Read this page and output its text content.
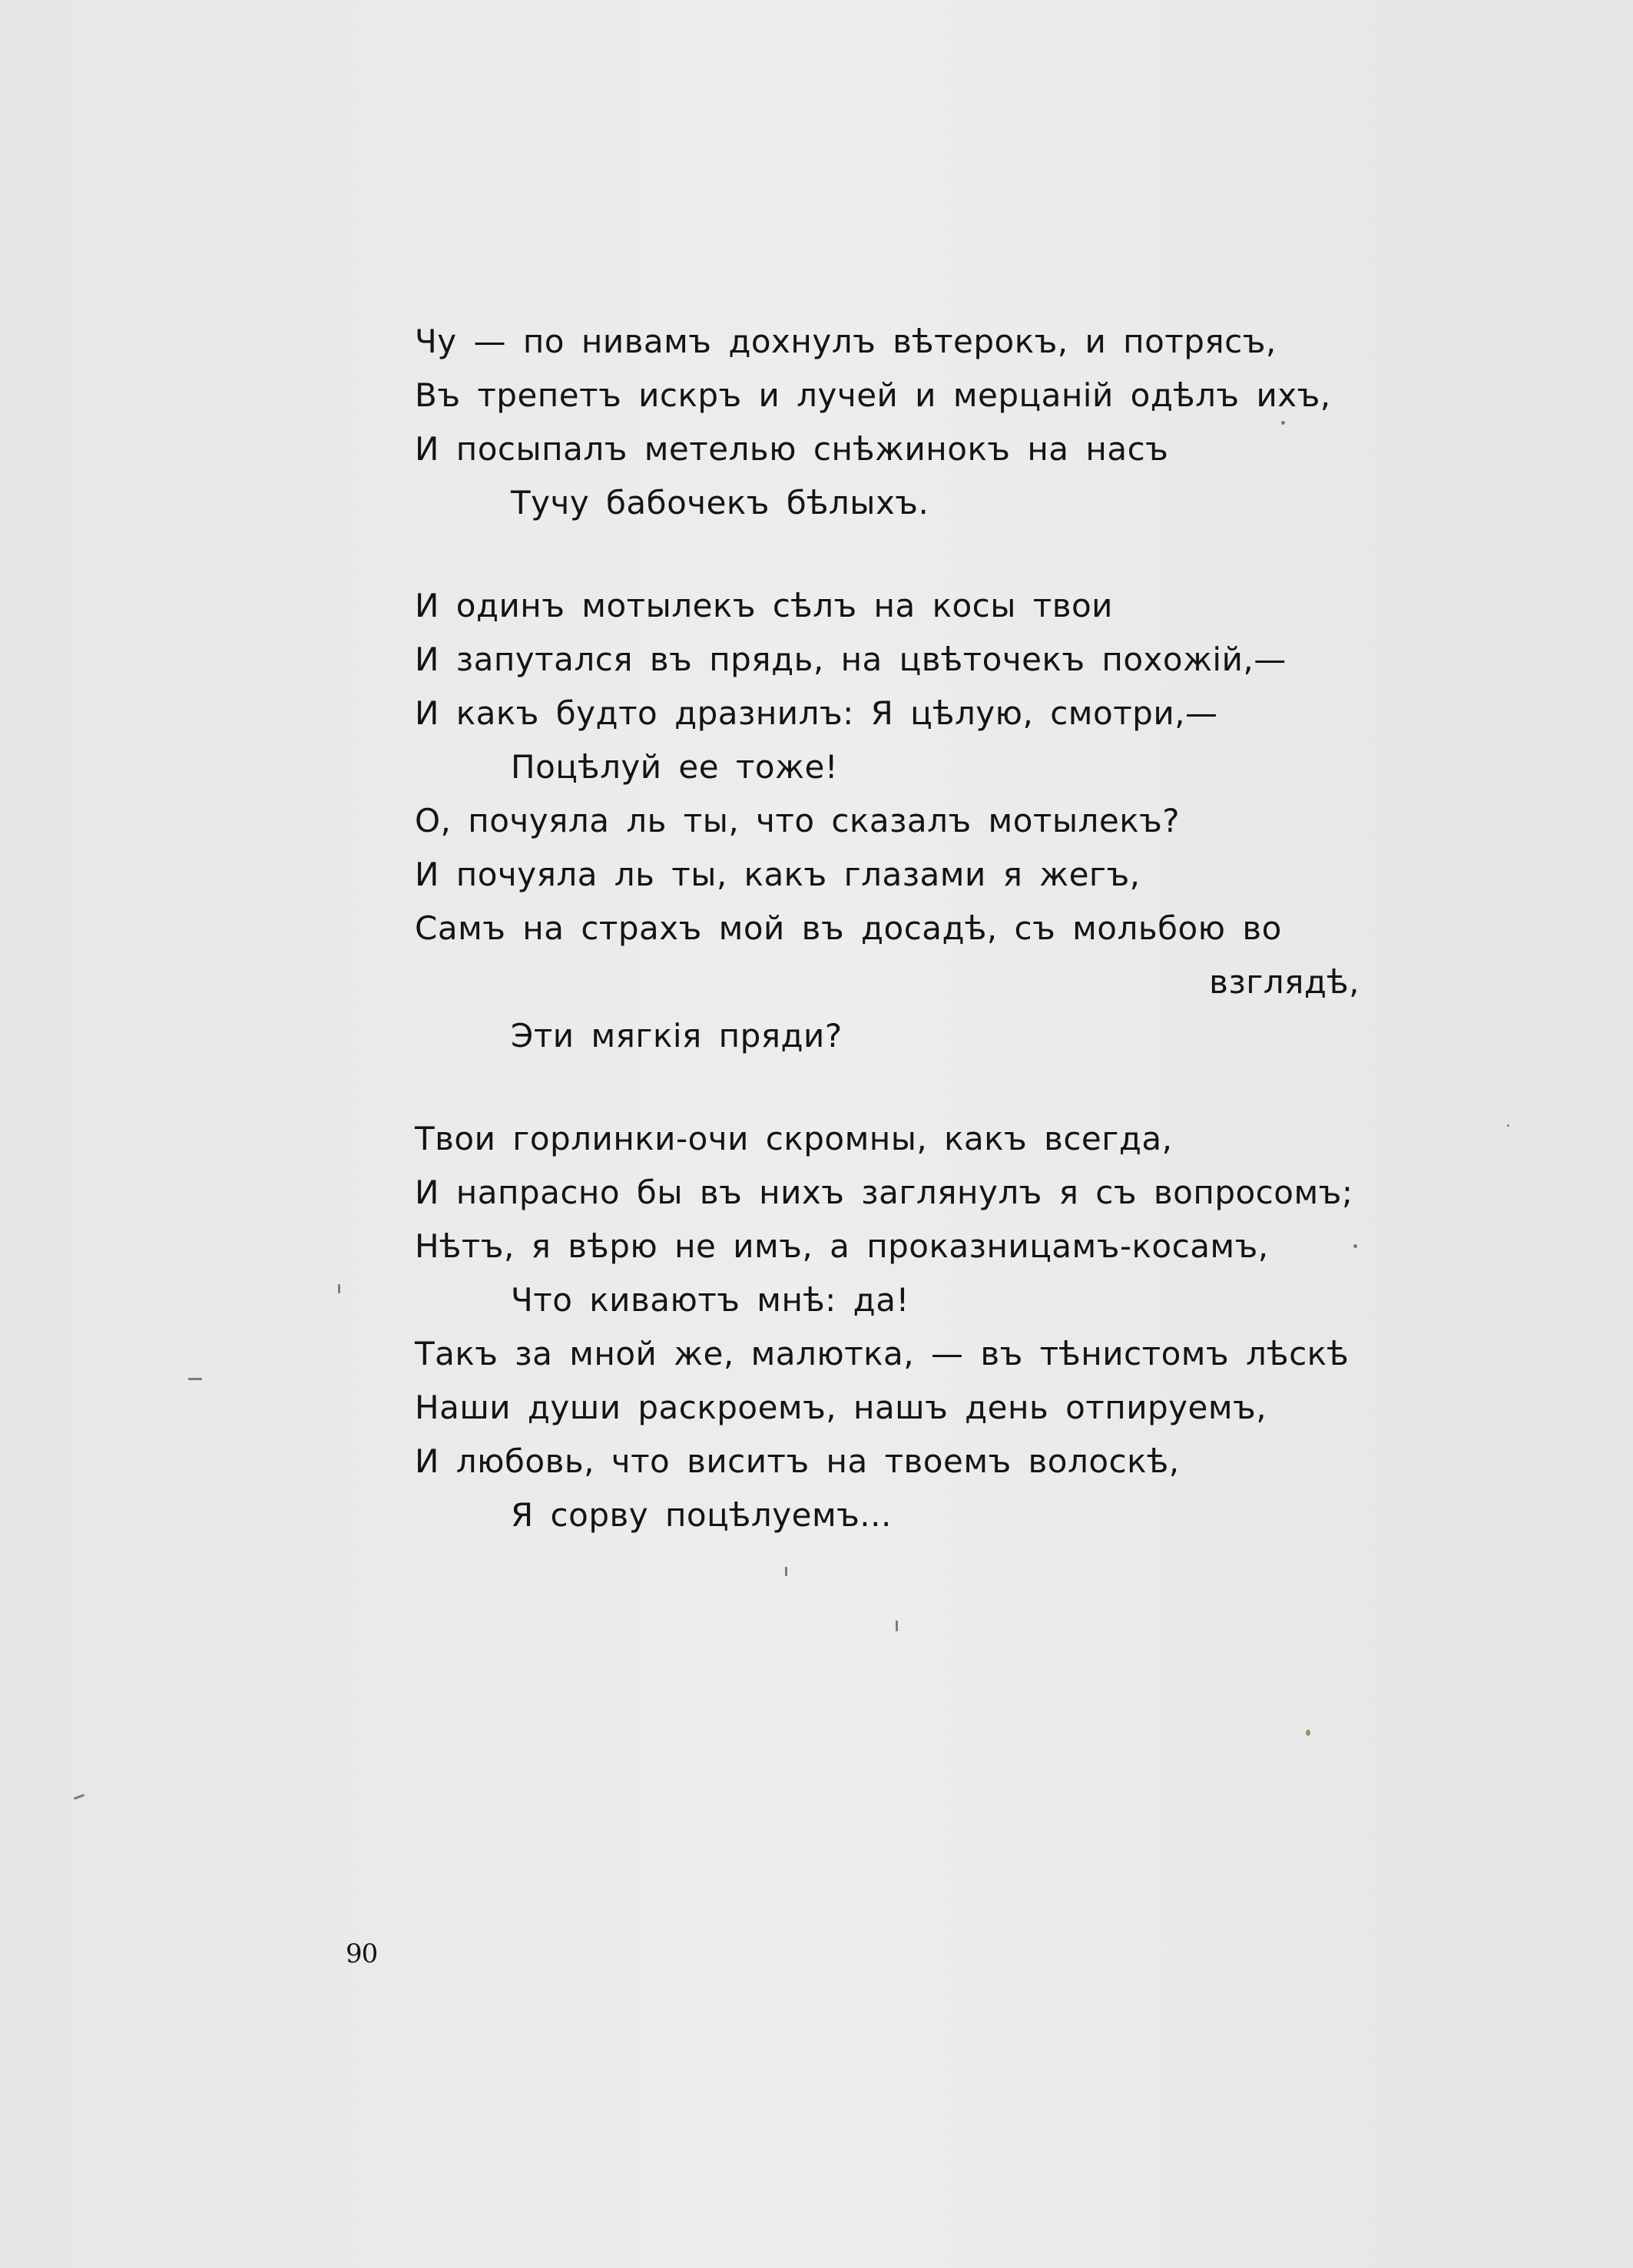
Чу — по нивамъ дохнулъ вѣтерокъ, и потрясъ,
Въ трепетъ искръ и лучей и мерцаній одѣлъ ихъ,
И посыпалъ метелью снѣжинокъ на насъ
Тучу бабочекъ бѣлыхъ.
И одинъ мотылекъ сѣлъ на косы твои
И запутался въ прядь, на цвѣточекъ похожій,—
И какъ будто дразнилъ: Я цѣлую, смотри,—
Поцѣлуй ее тоже!
О, почуяла ль ты, что сказалъ мотылекъ?
И почуяла ль ты, какъ глазами я жегъ,
Самъ на страхъ мой въ досадѣ, съ мольбою во
взглядѣ,
Эти мягкія пряди?
Твои горлинки-очи скромны, какъ всегда,
И напрасно бы въ нихъ заглянулъ я съ вопросомъ;
Нѣтъ, я вѣрю не имъ, а проказницамъ-косамъ,
Что киваютъ мнѣ: да!
Такъ за мной же, малютка, — въ тѣнистомъ лѣскѣ
Наши души раскроемъ, нашъ день отпируемъ,
И любовь, что виситъ на твоемъ волоскѣ,
Я сорву поцѣлуемъ...
90
